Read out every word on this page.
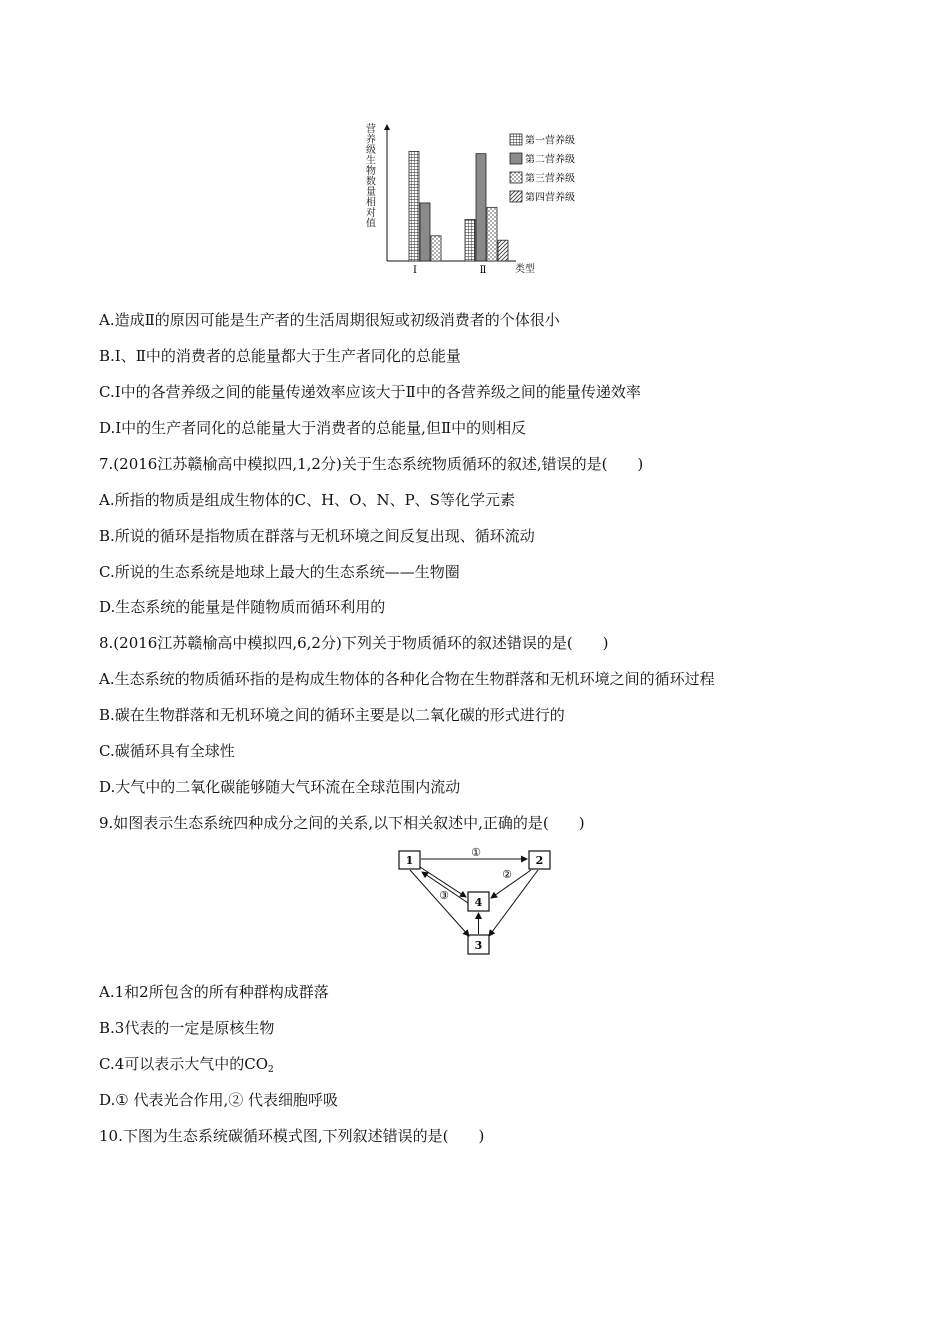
营养级生物数量相对值
Ⅰ	Ⅱ	类型
第一营养级
第二营养级
第三营养级
第四营养级
A.造成Ⅱ的原因可能是生产者的生活周期很短或初级消费者的个体很小
B.Ⅰ、Ⅱ中的消费者的总能量都大于生产者同化的总能量
C.Ⅰ中的各营养级之间的能量传递效率应该大于Ⅱ中的各营养级之间的能量传递效率
D.Ⅰ中的生产者同化的总能量大于消费者的总能量,但Ⅱ中的则相反
7.(2016江苏赣榆高中模拟四,1,2分)关于生态系统物质循环的叙述,错误的是(　　)
A.所指的物质是组成生物体的C、H、O、N、P、S等化学元素
B.所说的循环是指物质在群落与无机环境之间反复出现、循环流动
C.所说的生态系统是地球上最大的生态系统——生物圈
D.生态系统的能量是伴随物质而循环利用的
8.(2016江苏赣榆高中模拟四,6,2分)下列关于物质循环的叙述错误的是(　　)
A.生态系统的物质循环指的是构成生物体的各种化合物在生物群落和无机环境之间的循环过程
B.碳在生物群落和无机环境之间的循环主要是以二氧化碳的形式进行的
C.碳循环具有全球性
D.大气中的二氧化碳能够随大气环流在全球范围内流动
9.如图表示生态系统四种成分之间的关系,以下相关叙述中,正确的是(　　)
1	2
3
4
①
②
③
A.1和2所包含的所有种群构成群落
B.3代表的一定是原核生物
C.4可以表示大气中的$CO_2$
D.① 代表光合作用,② 代表细胞呼吸
10.下图为生态系统碳循环模式图,下列叙述错误的是(　　)
